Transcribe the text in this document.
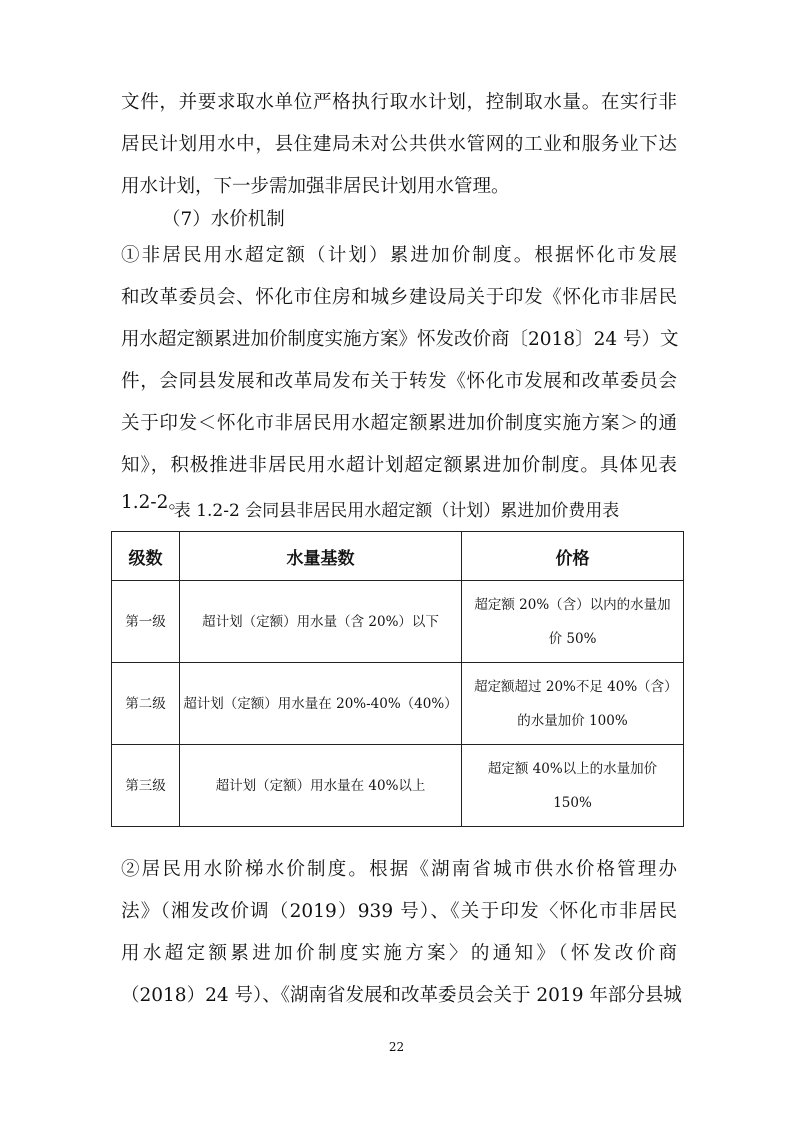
文件，并要求取水单位严格执行取水计划，控制取水量。在实行非
居民计划用水中，县住建局未对公共供水管网的工业和服务业下达
用水计划，下一步需加强非居民计划用水管理。
（7）水价机制
①非居民用水超定额（计划）累进加价制度。根据怀化市发展
和改革委员会、怀化市住房和城乡建设局关于印发《怀化市非居民
用水超定额累进加价制度实施方案》怀发改价商〔2018〕24 号）文
件，会同县发展和改革局发布关于转发《怀化市发展和改革委员会
关于印发＜怀化市非居民用水超定额累进加价制度实施方案＞的通
知》，积极推进非居民用水超计划超定额累进加价制度。具体见表
1.2-2。
表 1.2-2 会同县非居民用水超定额（计划）累进加价费用表
级数	水量基数	价格
第一级	超计划（定额）用水量（含 20%）以下	超定额 20%（含）以内的水量加价 50%
第二级	超计划（定额）用水量在 20%-40%（40%）	超定额超过 20%不足 40%（含）的水量加价 100%
第三级	超计划（定额）用水量在 40%以上	超定额 40%以上的水量加价 150%
②居民用水阶梯水价制度。根据《湖南省城市供水价格管理办
法》（湘发改价调（2019）939 号）、《关于印发〈怀化市非居民
用水超定额累进加价制度实施方案〉的通知》（怀发改价商
（2018）24 号）、《湖南省发展和改革委员会关于 2019 年部分县城
22
